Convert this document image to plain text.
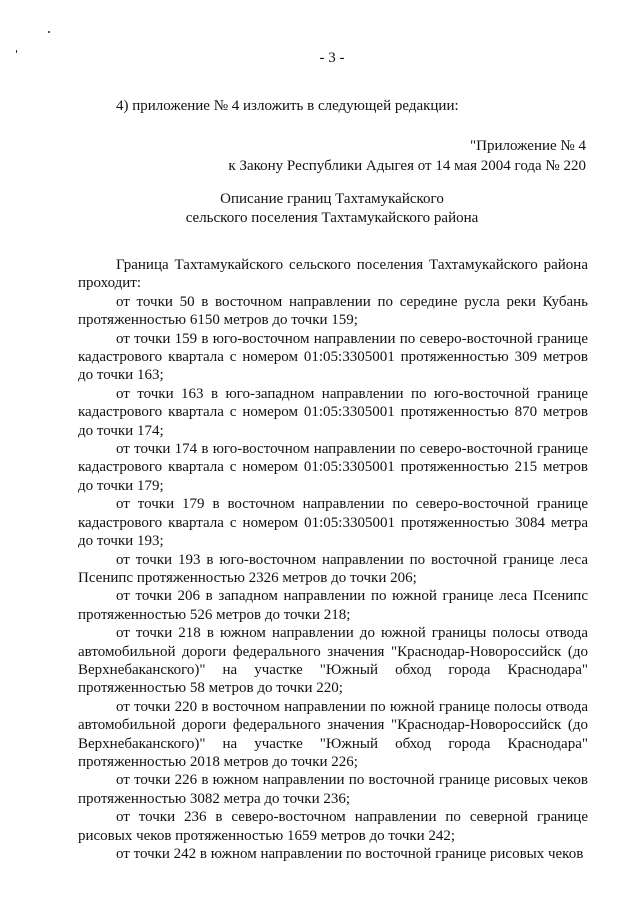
- 3 -
4) приложение № 4 изложить в следующей редакции:
"Приложение № 4
к Закону Республики Адыгея от 14 мая 2004 года № 220
Описание границ Тахтамукайского
сельского поселения Тахтамукайского района

Граница Тахтамукайского сельского поселения Тахтамукайского района проходит:

от точки 50 в восточном направлении по середине русла реки Кубань протяженностью 6150 метров до точки 159;

от точки 159 в юго-восточном направлении по северо-восточной границе кадастрового квартала с номером 01:05:3305001 протяженностью 309 метров до точки 163;

от точки 163 в юго-западном направлении по юго-восточной границе кадастрового квартала с номером 01:05:3305001 протяженностью 870 метров до точки 174;

от точки 174 в юго-восточном направлении по северо-восточной границе кадастрового квартала с номером 01:05:3305001 протяженностью 215 метров до точки 179;

от точки 179 в восточном направлении по северо-восточной границе кадастрового квартала с номером 01:05:3305001 протяженностью 3084 метра до точки 193;

от точки 193 в юго-восточном направлении по восточной границе леса Псенипс протяженностью 2326 метров до точки 206;

от точки 206 в западном направлении по южной границе леса Псенипс протяженностью 526 метров до точки 218;

от точки 218 в южном направлении до южной границы полосы отвода автомобильной дороги федерального значения "Краснодар-Новороссийск (до Верхнебаканского)" на участке "Южный обход города Краснодара" протяженностью 58 метров до точки 220;

от точки 220 в восточном направлении по южной границе полосы отвода автомобильной дороги федерального значения "Краснодар-Новороссийск (до Верхнебаканского)" на участке "Южный обход города Краснодара" протяженностью 2018 метров до точки 226;

от точки 226 в южном направлении по восточной границе рисовых чеков протяженностью 3082 метра до точки 236;

от точки 236 в северо-восточном направлении по северной границе рисовых чеков протяженностью 1659 метров до точки 242;

от точки 242 в южном направлении по восточной границе рисовых чеков
